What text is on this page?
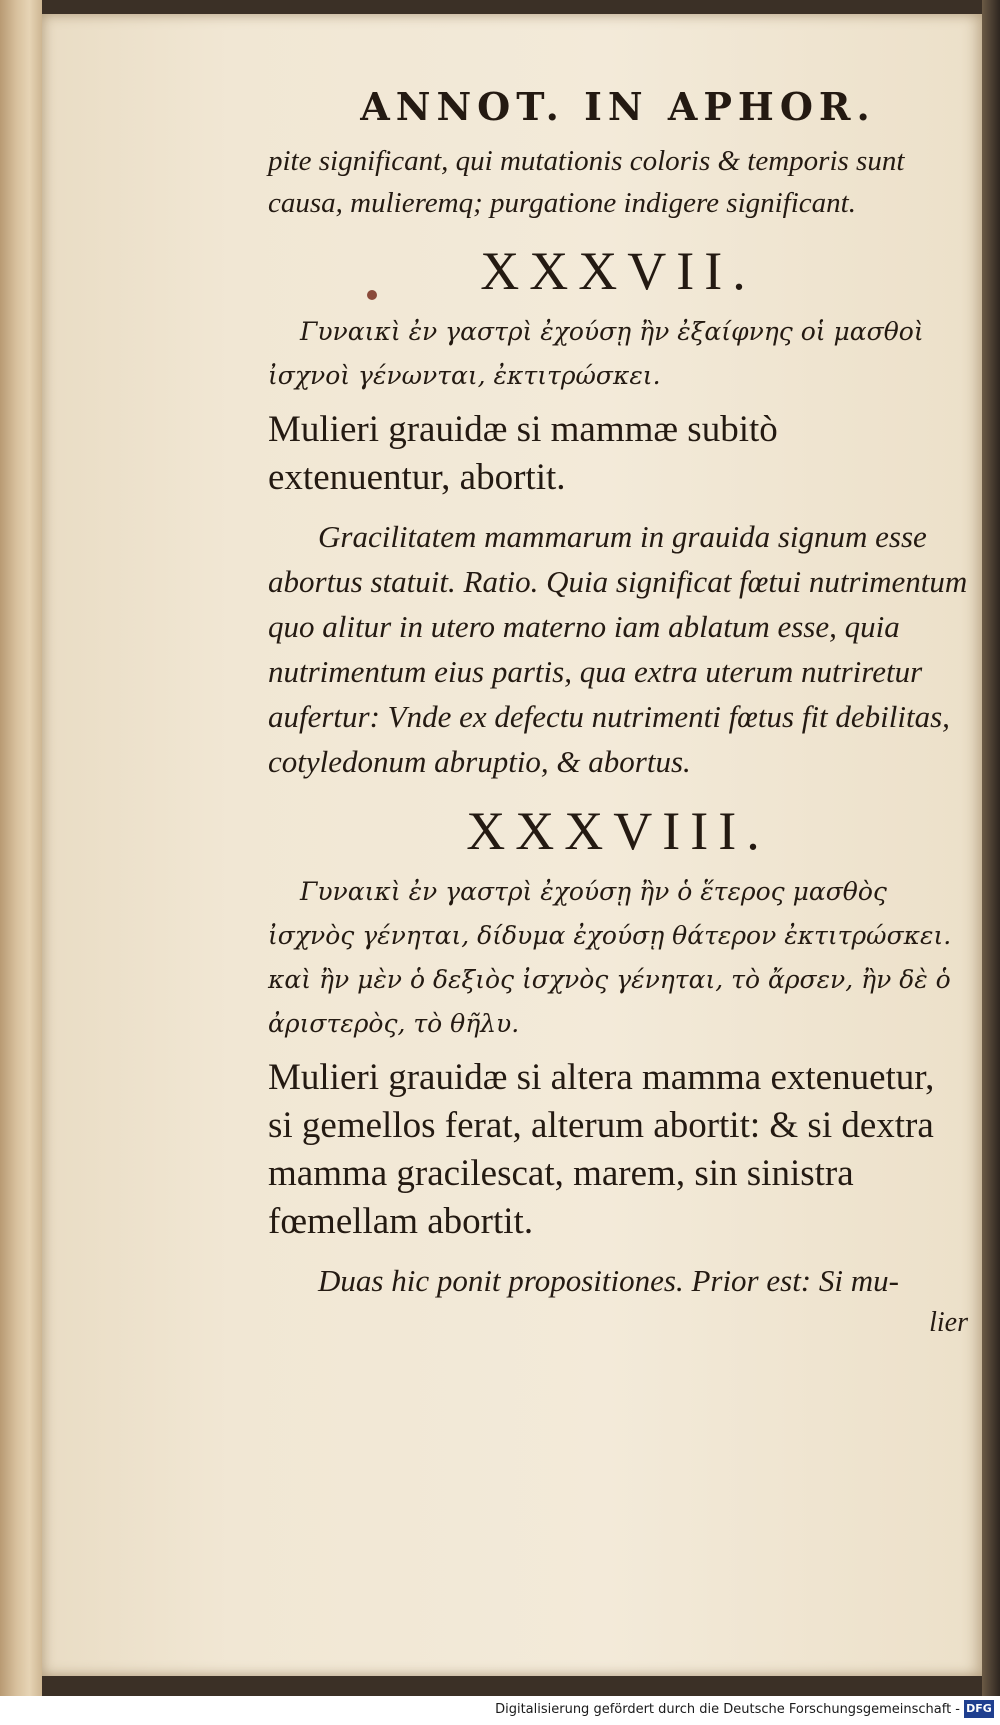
ANNOT. IN APHOR.

pite significant, qui mutationis coloris & temporis sunt causa, mulieremq; purgatione indigere significant.

XXXVII.

Γυναικὶ ἐν γαστρὶ ἐχούσῃ ἢν ἐξαίφνης οἱ μασθοὶ ἰσχνοὶ γένωνται, ἐκτιτρώσκει.

Mulieri grauidæ si mammæ subitò extenuentur, abortit.

Gracilitatem mammarum in grauida signum esse abortus statuit. Ratio. Quia significat fœtui nutrimentum quo alitur in utero materno iam ablatum esse, quia nutrimentum eius partis, qua extra uterum nutriretur aufertur: Vnde ex defectu nutrimenti fœtus fit debilitas, cotyledonum abruptio, & abortus.

XXXVIII.

Γυναικὶ ἐν γαστρὶ ἐχούσῃ ἢν ὁ ἕτερος μασθὸς ἰσχνὸς γένηται, δίδυμα ἐχούσῃ θάτερον ἐκτιτρώσκει. καὶ ἢν μὲν ὁ δεξιὸς ἰσχνὸς γένηται, τὸ ἄρσεν, ἢν δὲ ὁ ἀριστερὸς, τὸ θῆλυ.

Mulieri grauidæ si altera mamma extenuetur, si gemellos ferat, alterum abortit: & si dextra mamma gracilescat, marem, sin sinistra fœmellam abortit.

Duas hic ponit propositiones. Prior est: Si mu-

lier
Digitalisierung gefördert durch die Deutsche Forschungsgemeinschaft - DFG
